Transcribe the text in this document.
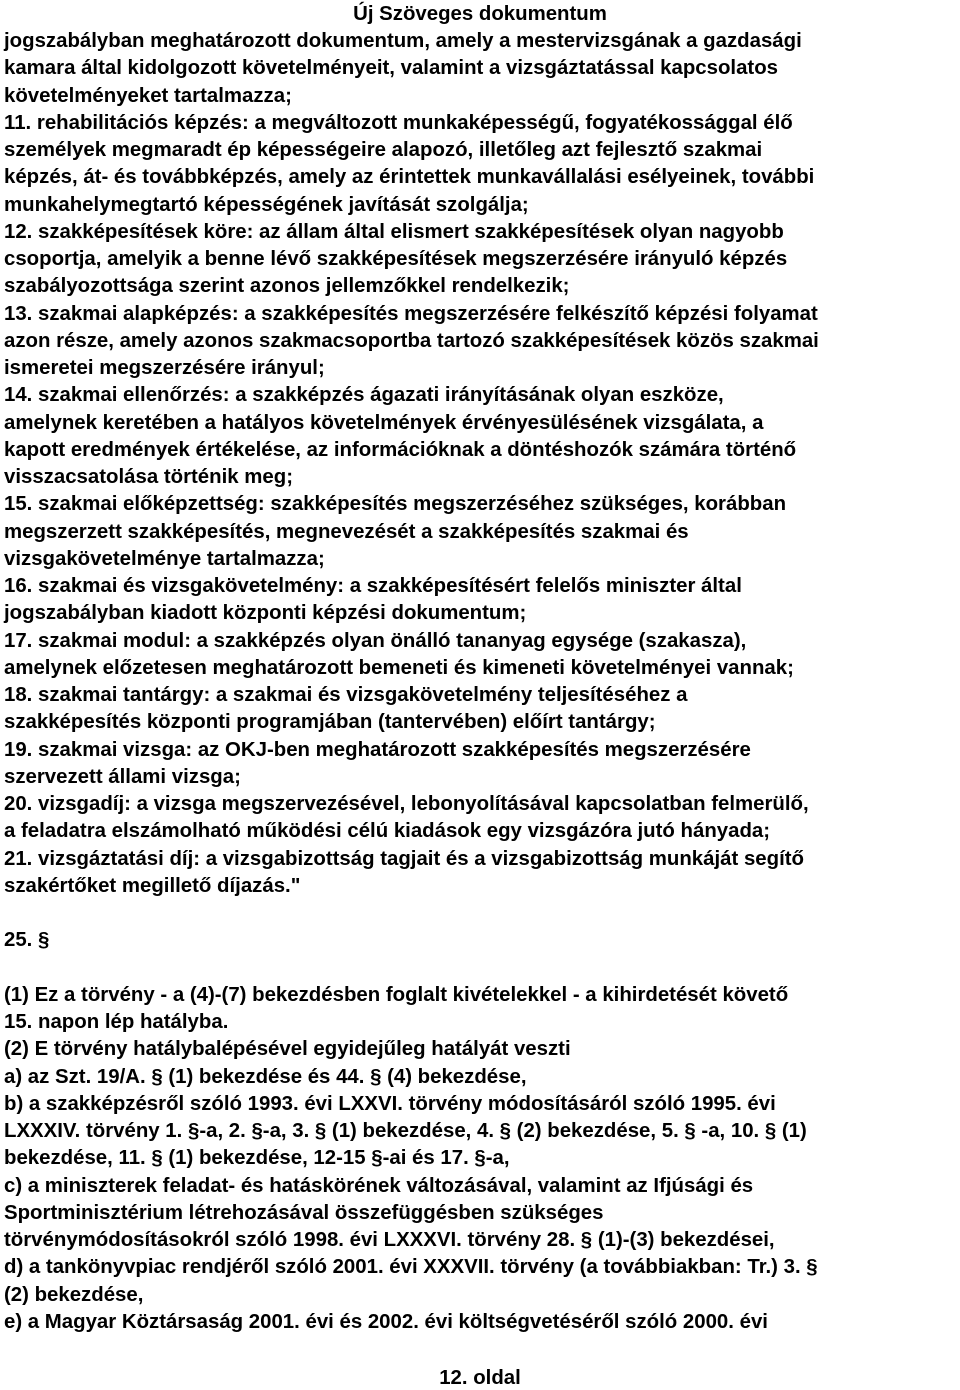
Új Szöveges dokumentum
jogszabályban meghatározott dokumentum, amely a mestervizsgának a gazdasági
kamara által kidolgozott követelményeit, valamint a vizsgáztatással kapcsolatos
követelményeket tartalmazza;
11. rehabilitációs képzés: a megváltozott munkaképességű, fogyatékossággal élő
személyek megmaradt ép képességeire alapozó, illetőleg azt fejlesztő szakmai
képzés, át- és továbbképzés, amely az érintettek munkavállalási esélyeinek, további
munkahelymegtartó képességének javítását szolgálja;
12. szakképesítések köre: az állam által elismert szakképesítések olyan nagyobb
csoportja, amelyik a benne lévő szakképesítések megszerzésére irányuló képzés
szabályozottsága szerint azonos jellemzőkkel rendelkezik;
13. szakmai alapképzés: a szakképesítés megszerzésére felkészítő képzési folyamat
azon része, amely azonos szakmacsoportba tartozó szakképesítések közös szakmai
ismeretei megszerzésére irányul;
14. szakmai ellenőrzés: a szakképzés ágazati irányításának olyan eszköze,
amelynek keretében a hatályos követelmények érvényesülésének vizsgálata, a
kapott eredmények értékelése, az információknak a döntéshozók számára történő
visszacsatolása történik meg;
15. szakmai előképzettség: szakképesítés megszerzéséhez szükséges, korábban
megszerzett szakképesítés, megnevezését a szakképesítés szakmai és
vizsgakövetelménye tartalmazza;
16. szakmai és vizsgakövetelmény: a szakképesítésért felelős miniszter által
jogszabályban kiadott központi képzési dokumentum;
17. szakmai modul: a szakképzés olyan önálló tananyag egysége (szakasza),
amelynek előzetesen meghatározott bemeneti és kimeneti követelményei vannak;
18. szakmai tantárgy: a szakmai és vizsgakövetelmény teljesítéséhez a
szakképesítés központi programjában (tantervében) előírt tantárgy;
19. szakmai vizsga: az OKJ-ben meghatározott szakképesítés megszerzésére
szervezett állami vizsga;
20. vizsgadíj: a vizsga megszervezésével, lebonyolításával kapcsolatban felmerülő,
a feladatra elszámolható működési célú kiadások egy vizsgázóra jutó hányada;
21. vizsgáztatási díj: a vizsgabizottság tagjait és a vizsgabizottság munkáját segítő
szakértőket megillető díjazás."
25. §
(1) Ez a törvény - a (4)-(7) bekezdésben foglalt kivételekkel - a kihirdetését követő
15. napon lép hatályba.
(2) E törvény hatálybalépésével egyidejűleg hatályát veszti
a) az Szt. 19/A. § (1) bekezdése és 44. § (4) bekezdése,
b) a szakképzésről szóló 1993. évi LXXVI. törvény módosításáról szóló 1995. évi
LXXXIV. törvény 1. §-a, 2. §-a, 3. § (1) bekezdése, 4. § (2) bekezdése, 5. § -a, 10. § (1)
bekezdése, 11. § (1) bekezdése, 12-15 §-ai és 17. §-a,
c) a miniszterek feladat- és hatáskörének változásával, valamint az Ifjúsági és
Sportminisztérium létrehozásával összefüggésben szükséges
törvénymódosításokról szóló 1998. évi LXXXVI. törvény 28. § (1)-(3) bekezdései,
d) a tankönyvpiac rendjéről szóló 2001. évi XXXVII. törvény (a továbbiakban: Tr.) 3. §
(2) bekezdése,
e) a Magyar Köztársaság 2001. évi és 2002. évi költségvetéséről szóló 2000. évi
12. oldal
